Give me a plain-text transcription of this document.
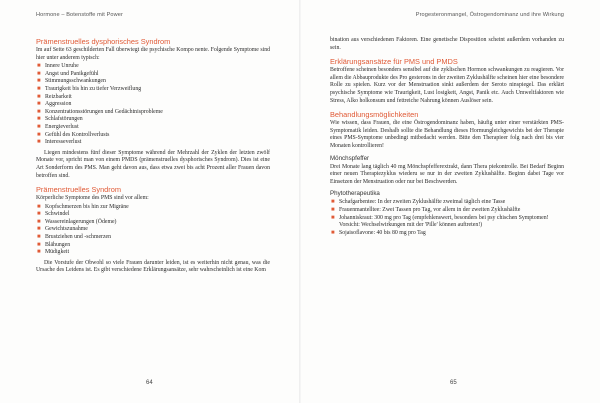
Hormone – Botenstoffe mit Power
Prämenstruelles dysphorisches Syndrom

Im auf Seite 63 geschilderten Fall überwiegt die psychische Kompo nente. Folgende Symptome sind hier unter anderem typisch:

■ Innere Unruhe
■ Angst und Panikgefühl
■ Stimmungsschwankungen
■ Traurigkeit bis hin zu tiefer Verzweiflung
■ Reizbarkeit
■ Aggression
■ Konzentrationsstörungen und Gedächtnisprobleme
■ Schlafstörungen
■ Energieverlust
■ Gefühl des Kontrollverlusts
■ Interesseverlust

Liegen mindestens fünf dieser Symptome während der Mehrzahl der Zyklen der letzten zwölf Monate vor, spricht man von einem PMDS (prämenstruelles dysphorisches Syndrom). Dies ist eine Art Sonderform des PMS. Man geht davon aus, dass etwa zwei bis acht Prozent aller Frauen davon betroffen sind.

Prämenstruelles Syndrom

Körperliche Symptome des PMS sind vor allem:

■ Kopfschmerzen bis hin zur Migräne
■ Schwindel
■ Wassereinlagerungen (Ödeme)
■ Gewichtszunahme
■ Brustziehen und -schmerzen
■ Blähungen
■ Müdigkeit

Die Vorstufe der Obwohl so viele Frauen darunter leiden, ist es weiterhin nicht genau, was die Ursache des Leidens ist. Es gibt verschiedene Erklärungsansätze, sehr wahrscheinlich ist eine Kom

64
Progesteronmangel, Östrogendominanz und ihre Wirkung

bination aus verschiedenen Faktoren. Eine genetische Disposition scheint außerdem vorhanden zu sein.

Erklärungsansätze für PMS und PMDS

Betroffene scheinen besonders sensibel auf die zyklischen Hormon schwankungen zu reagieren. Vor allem die Abbauprodukte des Pro gesterons in der zweiten Zyklushälfte scheinen hier eine besondere Rolle zu spielen. Kurz vor der Menstruation sinkt außerdem der Seroto ninspiegel. Das erklärt psychische Symptome wie Traurigkeit, Lust losigkeit, Angst, Panik etc. Auch Umweltfaktoren wie Stress, Alko holkonsum und fettreiche Nahrung können Auslöser sein.

Behandlungsmöglichkeiten

Wie wissen, dass Frauen, die eine Östrogendominanz haben, häufig unter einer verstärkten PMS-Symptomatik leiden. Deshalb sollte die Behandlung dieses Hormungleichgewichts bei der Therapie eines PMS-Symptome unbedingt mitbedacht werden. Bitte den Therapieer folg nach drei bis vier Monaten kontrollieren!

Mönchspfeffer

Drei Monate lang täglich 40 mg Mönchspfefferextrakt, dann Thera piekontrolle. Bei Bedarf Beginn einer neuen Therapiezyklus wiederu se nur in der zweiten Zyklushälfte. Beginn dabei Tage vor Einsetzen der Menstruation oder nur bei Beschwerden.

Phytotherapeutika
■ Schafgarbentee: In der zweiten Zyklushälfte zweimal täglich eine Tasse
■ Frauenmantelltee: Zwei Tassen pro Tag, vor allem in der zweiten Zyklushälfte
■ Johanniskraut: 300 mg pro Tag (empfehlenswert, besonders bei psy chischen Symptomen! Vorsicht: Wechselwirkungen mit der 'Pille' können auftreten!)
■ Sojaisoflavone: 40 bis 80 mg pro Tag
65
